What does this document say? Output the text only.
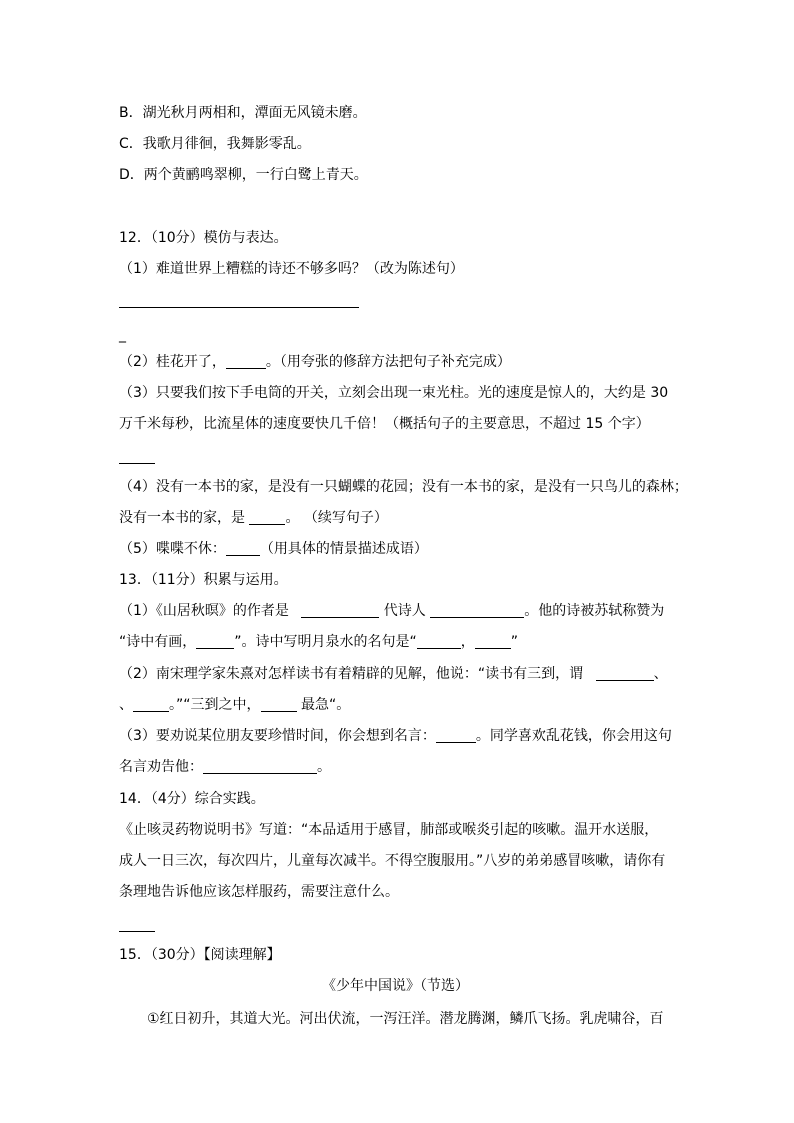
B．湖光秋月两相和，潭面无风镜未磨。
C．我歌月徘徊，我舞影零乱。
D．两个黄鹂鸣翠柳，一行白鹭上青天。
12．（10分）模仿与表达。
（1）难道世界上糟糕的诗还不够多吗？（改为陈述句）
_
（2）桂花开了，	。（用夸张的修辞方法把句子补充完成）
（3）只要我们按下手电筒的开关，立刻会出现一束光柱。光的速度是惊人的，大约是 30
万千米每秒，比流星体的速度要快几千倍！（概括句子的主要意思，不超过 15 个字）
（4）没有一本书的家，是没有一只蝴蝶的花园；没有一本书的家，是没有一只鸟儿的森林；
没有一本书的家，是	。 （续写句子）
（5）喋喋不休： （用具体的情景描述成语）
13．（11分）积累与运用。
（1）《山居秋暝》的作者是	代诗人	。他的诗被苏轼称赞为
“诗中有画，	”。诗中写明月泉水的名句是“	，	”
（2）南宋理学家朱熹对怎样读书有着精辟的见解，他说：“读书有三到，谓	、
、	。”“三到之中，	最急“。
（3）要劝说某位朋友要珍惜时间，你会想到名言：	。同学喜欢乱花钱，你会用这句
名言劝告他：	。
14．（4分）综合实践。
《止咳灵药物说明书》写道：“本品适用于感冒，肺部或喉炎引起的咳嗽。温开水送服，
成人一日三次，每次四片，儿童每次减半。不得空腹服用。”八岁的弟弟感冒咳嗽，请你有
条理地告诉他应该怎样服药，需要注意什么。
15．（30分）【阅读理解】
《少年中国说》（节选）
①红日初升，其道大光。河出伏流，一泻汪洋。潜龙腾渊，鳞爪飞扬。乳虎啸谷，百
